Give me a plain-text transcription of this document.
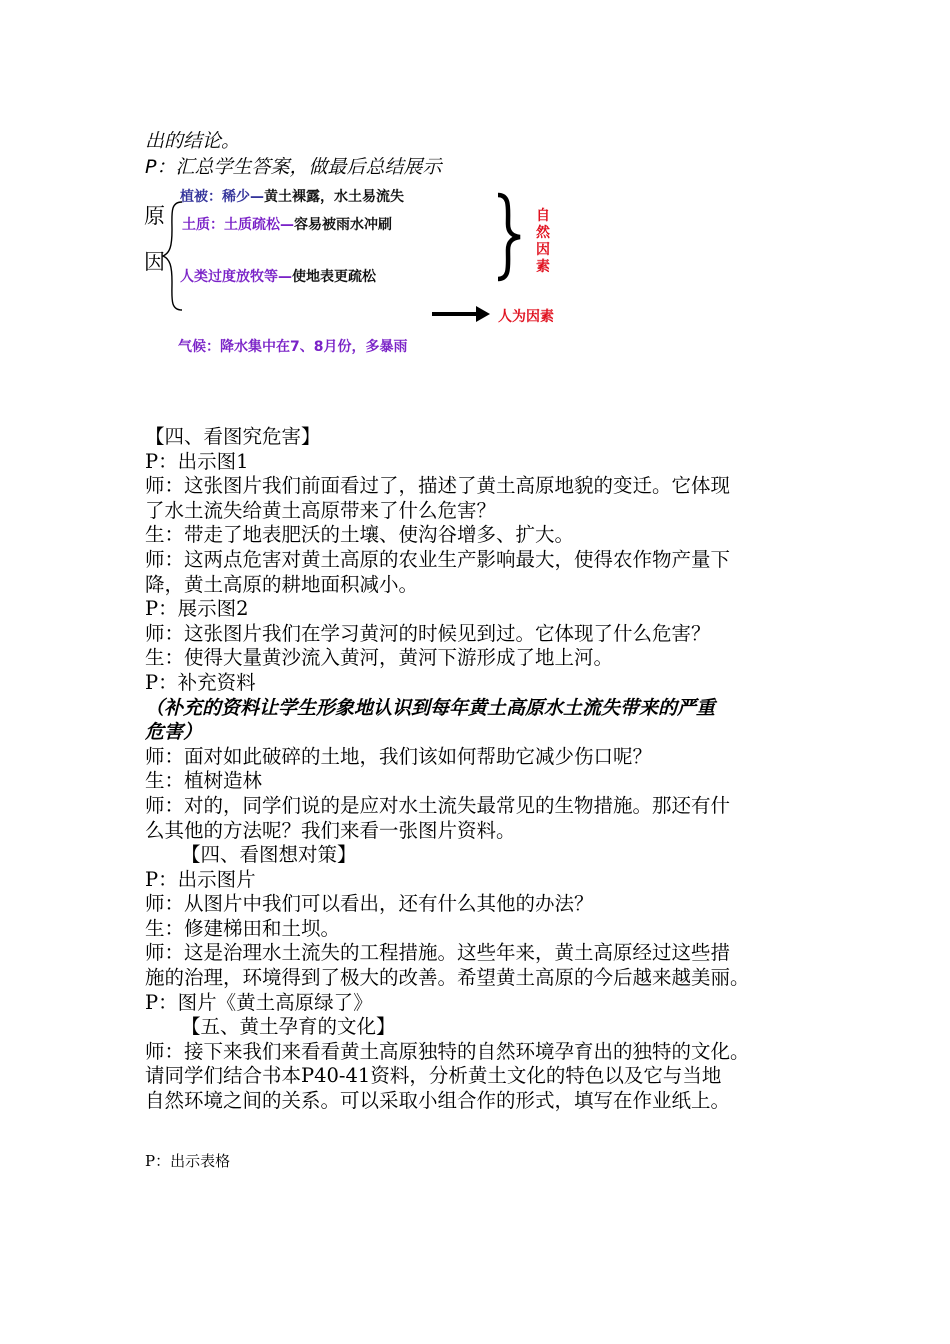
出的结论。
P：汇总学生答案，做最后总结展示
原
因
植被：稀少—黄土裸露，水土易流失
土质：土质疏松—容易被雨水冲刷
人类过度放牧等—使地表更疏松
气候：降水集中在7、8月份，多暴雨
自
然
因
素
人为因素

【四、看图究危害】

P：出示图1

师：这张图片我们前面看过了，描述了黄土高原地貌的变迁。它体现

了水土流失给黄土高原带来了什么危害？

生：带走了地表肥沃的土壤、使沟谷增多、扩大。

师：这两点危害对黄土高原的农业生产影响最大，使得农作物产量下

降，黄土高原的耕地面积减小。

P：展示图2

师：这张图片我们在学习黄河的时候见到过。它体现了什么危害？

生：使得大量黄沙流入黄河，黄河下游形成了地上河。

P：补充资料

（补充的资料让学生形象地认识到每年黄土高原水土流失带来的严重

危害）

师：面对如此破碎的土地，我们该如何帮助它减少伤口呢？

生：植树造林

师：对的，同学们说的是应对水土流失最常见的生物措施。那还有什

么其他的方法呢？我们来看一张图片资料。

【四、看图想对策】

P：出示图片

师：从图片中我们可以看出，还有什么其他的办法？

生：修建梯田和土坝。

师：这是治理水土流失的工程措施。这些年来，黄土高原经过这些措

施的治理，环境得到了极大的改善。希望黄土高原的今后越来越美丽。

P：图片《黄土高原绿了》

【五、黄土孕育的文化】

师：接下来我们来看看黄土高原独特的自然环境孕育出的独特的文化。

请同学们结合书本P40-41资料，分析黄土文化的特色以及它与当地

自然环境之间的关系。可以采取小组合作的形式，填写在作业纸上。

P：出示表格
